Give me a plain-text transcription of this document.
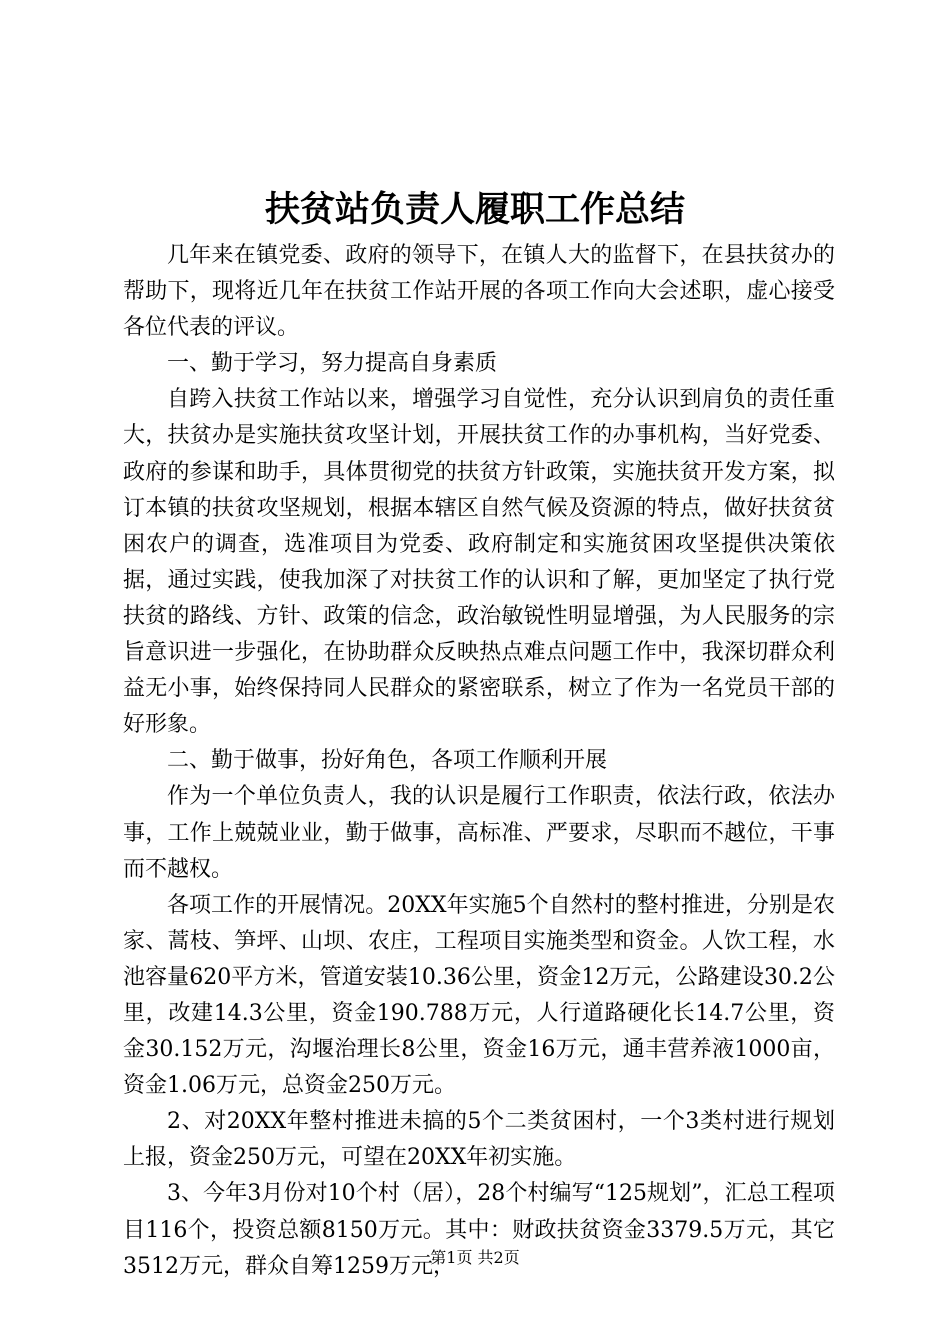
扶贫站负责人履职工作总结

几年来在镇党委、政府的领导下，在镇人大的监督下，在县扶贫办的帮助下，现将近几年在扶贫工作站开展的各项工作向大会述职，虚心接受各位代表的评议。

一、勤于学习，努力提高自身素质

自跨入扶贫工作站以来，增强学习自觉性，充分认识到肩负的责任重大，扶贫办是实施扶贫攻坚计划，开展扶贫工作的办事机构，当好党委、政府的参谋和助手，具体贯彻党的扶贫方针政策，实施扶贫开发方案，拟订本镇的扶贫攻坚规划，根据本辖区自然气候及资源的特点，做好扶贫贫困农户的调查，选准项目为党委、政府制定和实施贫困攻坚提供决策依据，通过实践，使我加深了对扶贫工作的认识和了解，更加坚定了执行党扶贫的路线、方针、政策的信念，政治敏锐性明显增强，为人民服务的宗旨意识进一步强化，在协助群众反映热点难点问题工作中，我深切群众利益无小事，始终保持同人民群众的紧密联系，树立了作为一名党员干部的好形象。

二、勤于做事，扮好角色，各项工作顺利开展

作为一个单位负责人，我的认识是履行工作职责，依法行政，依法办事，工作上兢兢业业，勤于做事，高标准、严要求，尽职而不越位，干事而不越权。

各项工作的开展情况。20XX年实施5个自然村的整村推进，分别是农家、蒿枝、笋坪、山坝、农庄，工程项目实施类型和资金。人饮工程，水池容量620平方米，管道安装10.36公里，资金12万元，公路建设30.2公里，改建14.3公里，资金190.788万元，人行道路硬化长14.7公里，资金30.152万元，沟堰治理长8公里，资金16万元，通丰营养液1000亩，资金1.06万元，总资金250万元。

2、对20XX年整村推进未搞的5个二类贫困村，一个3类村进行规划上报，资金250万元，可望在20XX年初实施。

3、今年3月份对10个村（居），28个村编写“125规划”，汇总工程项目116个，投资总额8150万元。其中：财政扶贫资金3379.5万元，其它3512万元，群众自筹1259万元，

第1页 共2页
